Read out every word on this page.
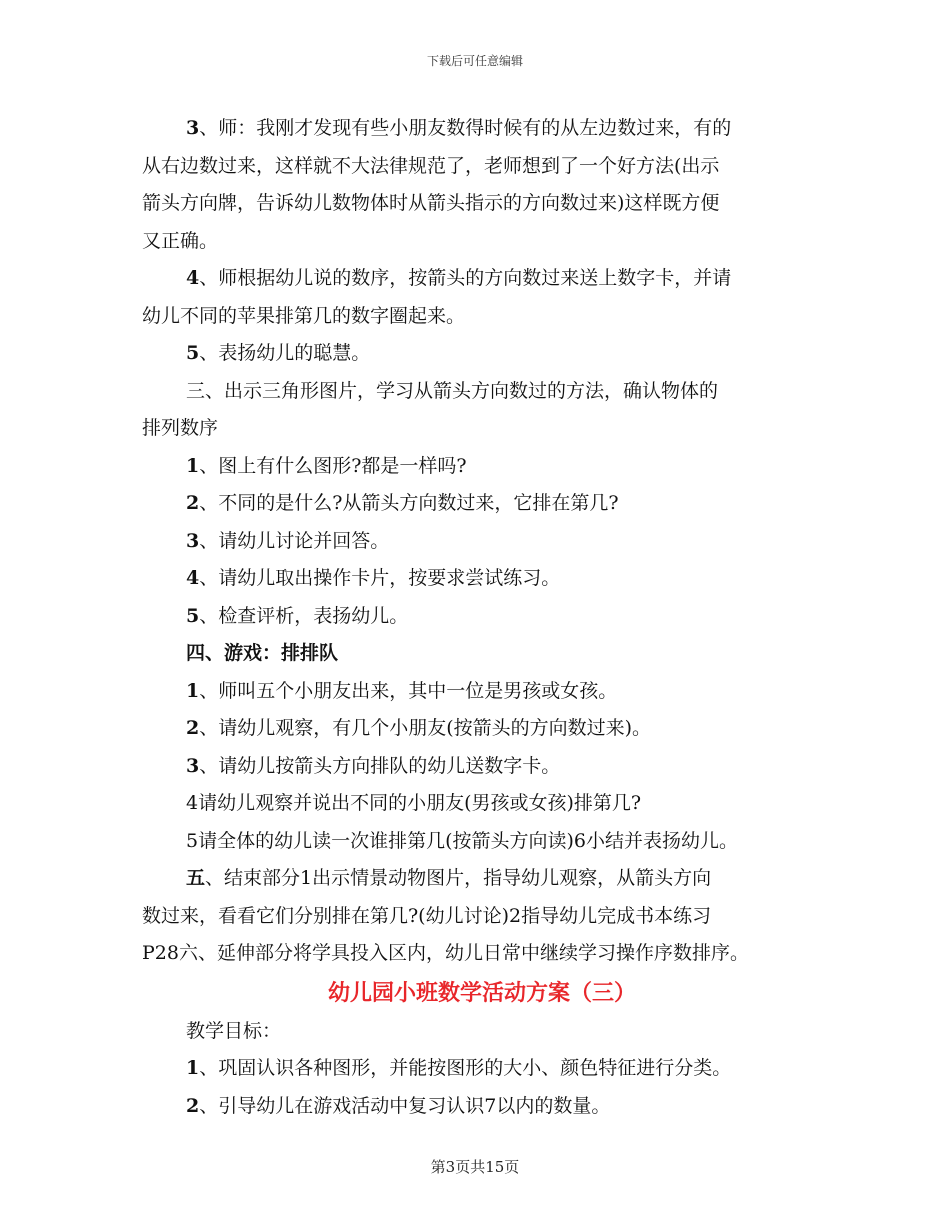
下载后可任意编辑

3、师：我刚才发现有些小朋友数得时候有的从左边数过来，有的

从右边数过来，这样就不大法律规范了，老师想到了一个好方法(出示

箭头方向牌，告诉幼儿数物体时从箭头指示的方向数过来)这样既方便

又正确。

4、师根据幼儿说的数序，按箭头的方向数过来送上数字卡，并请

幼儿不同的苹果排第几的数字圈起来。

5、表扬幼儿的聪慧。

三、出示三角形图片，学习从箭头方向数过的方法，确认物体的

排列数序

1、图上有什么图形?都是一样吗?

2、不同的是什么?从箭头方向数过来，它排在第几?

3、请幼儿讨论并回答。

4、请幼儿取出操作卡片，按要求尝试练习。

5、检查评析，表扬幼儿。

四、游戏：排排队

1、师叫五个小朋友出来，其中一位是男孩或女孩。

2、请幼儿观察，有几个小朋友(按箭头的方向数过来)。

3、请幼儿按箭头方向排队的幼儿送数字卡。

4请幼儿观察并说出不同的小朋友(男孩或女孩)排第几?

5请全体的幼儿读一次谁排第几(按箭头方向读)6小结并表扬幼儿。

五、结束部分1出示情景动物图片，指导幼儿观察，从箭头方向

数过来，看看它们分别排在第几?(幼儿讨论)2指导幼儿完成书本练习

P28六、延伸部分将学具投入区内，幼儿日常中继续学习操作序数排序。

幼儿园小班数学活动方案（三）

教学目标：

1、巩固认识各种图形，并能按图形的大小、颜色特征进行分类。

2、引导幼儿在游戏活动中复习认识7以内的数量。

第3页共15页
